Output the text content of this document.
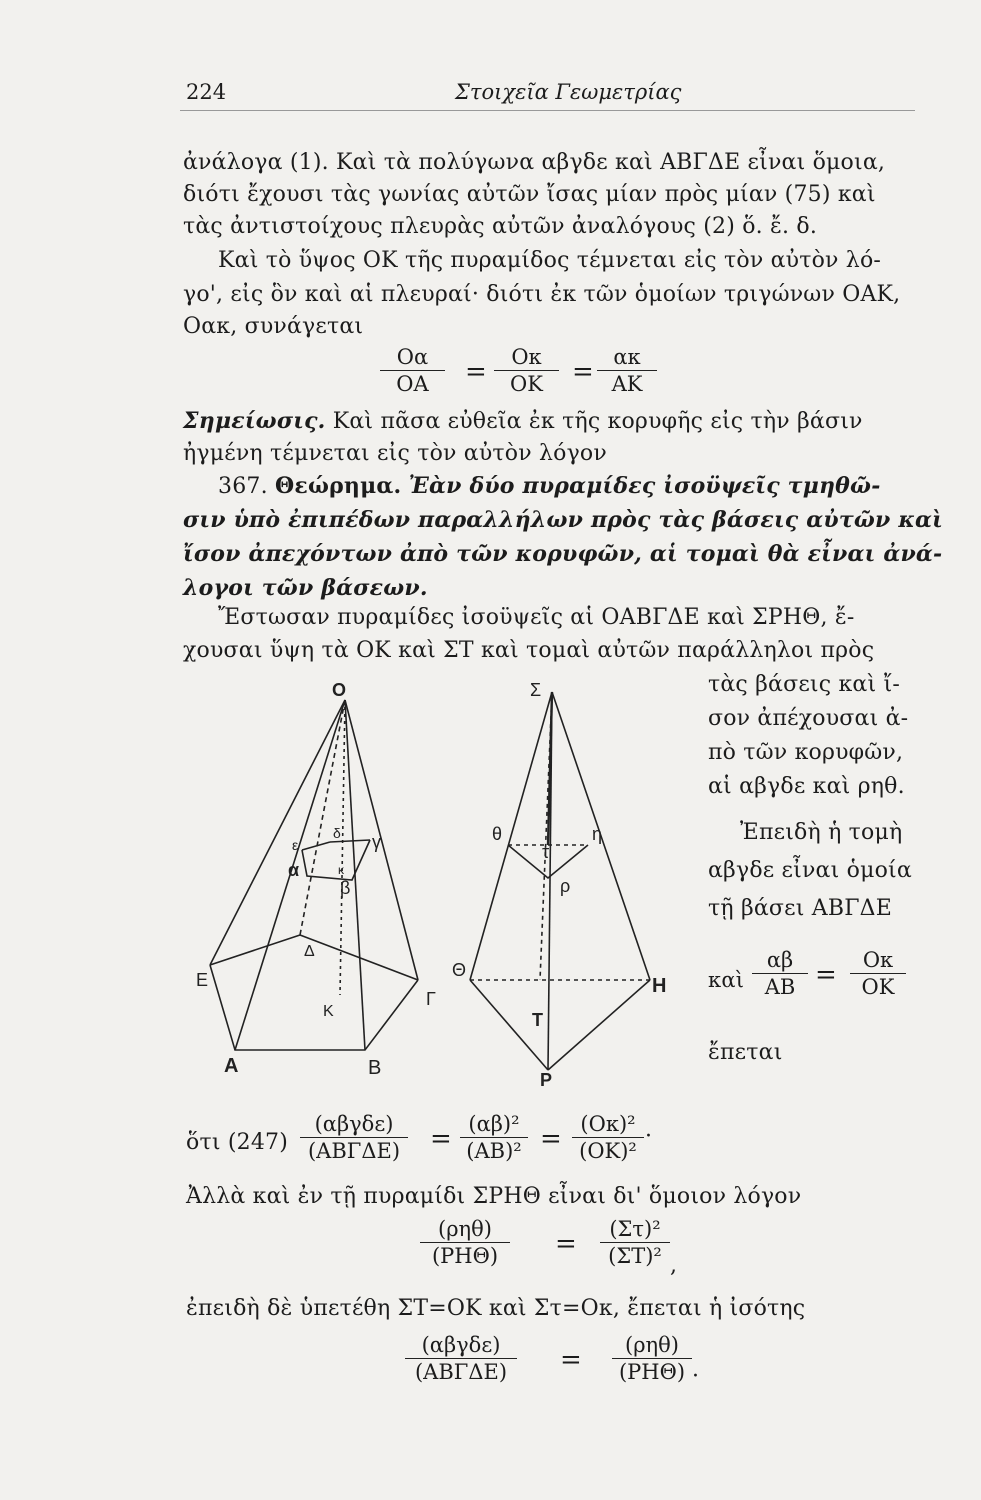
224	Στοιχεῖα Γεωμετρίας
ἀνάλογα (1). Καὶ τὰ πολύγωνα αβγδε καὶ ΑΒΓΔΕ εἶναι ὅμοια,
διότι ἔχουσι τὰς γωνίας αὐτῶν ἴσας μίαν πρὸς μίαν (75) καὶ
τὰς ἀντιστοίχους πλευρὰς αὐτῶν ἀναλόγους (2) ὅ. ἔ. δ.
Καὶ τὸ ὕψος ΟΚ τῆς πυραμίδος τέμνεται εἰς τὸν αὐτὸν λό-
γο', εἰς ὃν καὶ αἱ πλευραί· διότι ἐκ τῶν ὁμοίων τριγώνων ΟΑΚ,
Οακ, συνάγεται
Οα
ΟΑ	=	Οκ
ΟΚ	= ακ
ΑΚ
Σημείωσις. Καὶ πᾶσα εὐθεῖα ἐκ τῆς κορυφῆς εἰς τὴν βάσιν
ἠγμένη τέμνεται εἰς τὸν αὐτὸν λόγον
367. Θεώρημα. Ἐὰν δύο πυραμίδες ἰσοϋψεῖς τμηθῶ-
σιν ὑπὸ ἐπιπέδων παραλλήλων πρὸς τὰς βάσεις αὐτῶν καὶ
ἴσον ἀπεχόντων ἀπὸ τῶν κορυφῶν, αἱ τομαὶ θὰ εἶναι ἀνά-
λογοι τῶν βάσεων.
Ἔστωσαν πυραμίδες ἰσοϋψεῖς αἱ ΟΑΒΓΔΕ καὶ ΣΡΗΘ, ἔ-
χουσαι ὕψη τὰ ΟΚ καὶ ΣΤ καὶ τομαὶ αὐτῶν παράλληλοι πρὸς
τὰς βάσεις καὶ ἴ-
σον ἀπέχουσαι ἀ-
πὸ τῶν κορυφῶν,
αἱ αβγδε καὶ ρηθ.
Ἐπειδὴ ἡ τομὴ
αβγδε εἶναι ὁμοία
τῇ βάσει ΑΒΓΔΕ
καὶ
αβ
ΑΒ =	Οκ
ΟΚ
ἔπεται
O
α
β
γ
δ
ε
κ
Α	Β
Γ
Δ
Ε
Κ
Σ
θ	η
τ
ρ
Θ
Η
Τ
Ρ
ὅτι (247)
(αβγδε)
(ΑΒΓΔΕ)	= (αβ)²
(ΑΒ)² = (Οκ)²
(ΟΚ)²
·
Ἀλλὰ καὶ ἐν τῇ πυραμίδι ΣΡΗΘ εἶναι δι' ὅμοιον λόγον
(ρηθ)
(ΡΗΘ)	=	(Στ)²
(ΣΤ)² ,
ἐπειδὴ δὲ ὑπετέθη ΣΤ=ΟΚ καὶ Στ=Οκ, ἔπεται ἡ ἰσότης
(αβγδε)
(ΑΒΓΔΕ)	=	(ρηθ)
(ΡΗΘ) ·
